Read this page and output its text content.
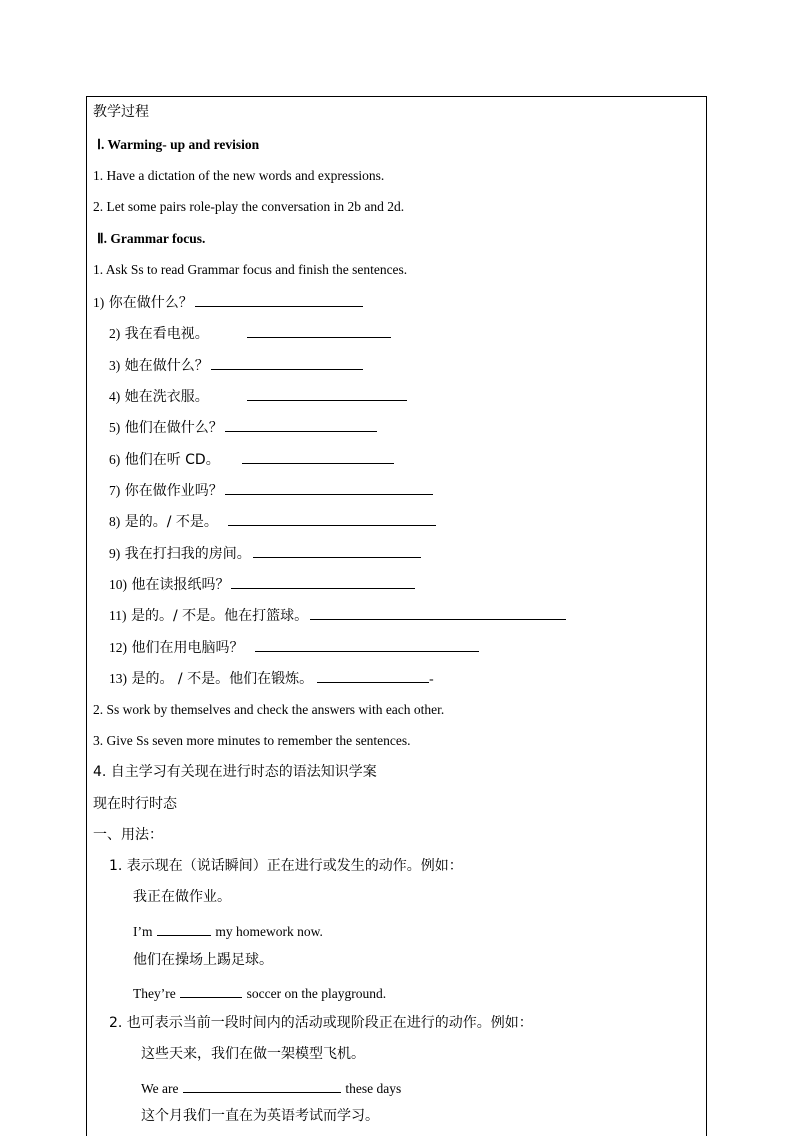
教学过程
Ⅰ. Warming- up and revision
1. Have a dictation of the new words and expressions.
2. Let some pairs role-play the conversation in 2b and 2d.
Ⅱ. Grammar focus.
1. Ask Ss to read Grammar focus and finish the sentences.
1) 你在做什么？
2) 我在看电视。
3) 她在做什么？
4) 她在洗衣服。
5) 他们在做什么？
6) 他们在听 CD。
7) 你在做作业吗？
8) 是的。/ 不是。
9) 我在打扫我的房间。
10) 他在读报纸吗？
11) 是的。/ 不是。他在打篮球。
12) 他们在用电脑吗？
13) 是的。 / 不是。他们在锻炼。	-
2. Ss work by themselves and check the answers with each other.
3. Give Ss seven more minutes to remember the sentences.
4. 自主学习有关现在进行时态的语法知识学案
现在时行时态
一、用法：
1. 表示现在（说话瞬间）正在进行或发生的动作。例如：
我正在做作业。
I’m	my homework now.
他们在操场上踢足球。
They’re	soccer on the playground.
2. 也可表示当前一段时间内的活动或现阶段正在进行的动作。例如：
这些天来，我们在做一架模型飞机。
We are	these days
这个月我们一直在为英语考试而学习。
